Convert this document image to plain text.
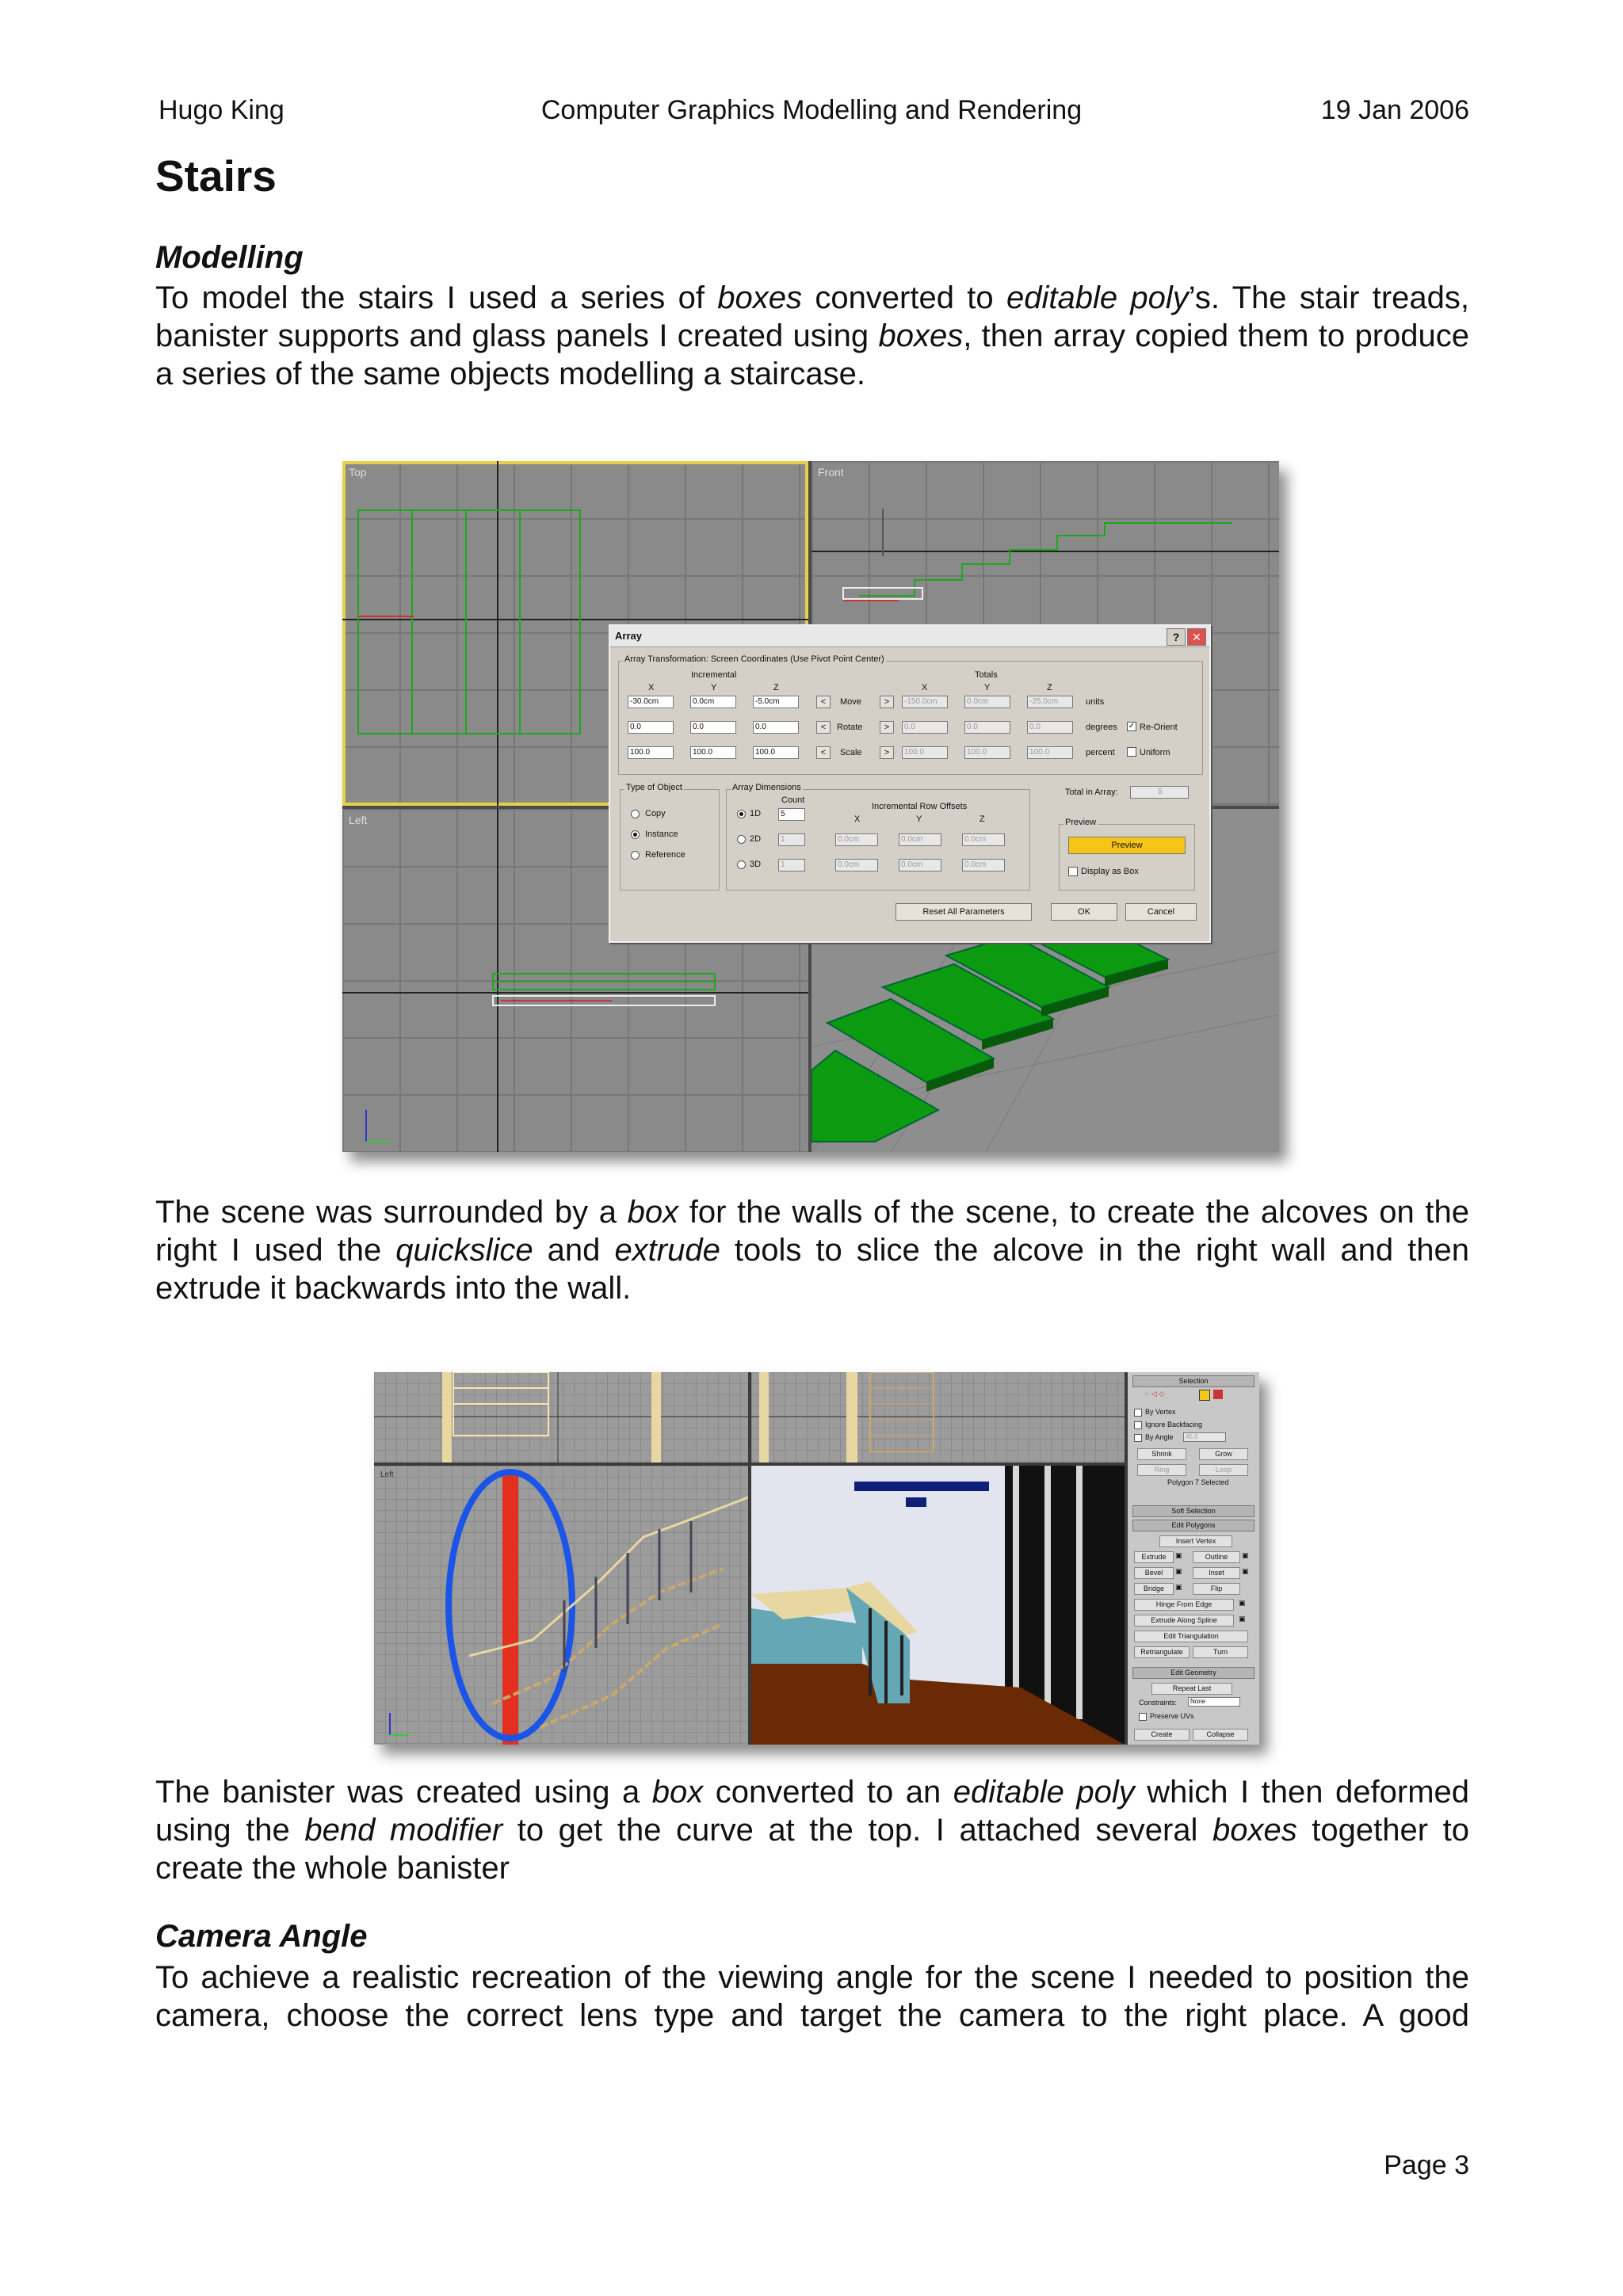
Hugo King	Computer Graphics Modelling and Rendering	19 Jan 2006
Stairs

Modelling

To model the stairs I used a series of boxes converted to editable poly’s. The stair treads, banister supports and glass panels I created using boxes, then array copied them to produce a series of the same objects modelling a staircase.

Top	Front
Left
Array	?	✕
Array Transformation: Screen Coordinates (Use Pivot Point Center)
Incremental	Totals
X	Y	Z	X	Y	Z
-30.0cm	0.0cm	-5.0cm	<	Move	>	-150.0cm	0.0cm	-25.0cm	units
0.0	0.0	0.0	<	Rotate	>	0.0	0.0	0.0	degrees ✓ Re-Orient
100.0	100.0	100.0	<	Scale	>	100.0	100.0	100.0	percent	Uniform
Type of Object
Copy
Instance
Reference
Array Dimensions
Count
Incremental Row Offsets
X	Y	Z
1D	5
2D	1	0.0cm	0.0cm	0.0cm
3D	1	0.0cm	0.0cm	0.0cm
Total in Array:	5
Preview
Preview
Display as Box
Reset All Parameters	OK	Cancel

The scene was surrounded by a box for the walls of the scene, to create the alcoves on the right I used the quickslice and extrude tools to slice the alcove in the right wall and then extrude it backwards into the wall.

Left
Selection
⁘ ◁ ◇
By Vertex
Ignore Backfacing
By Angle	45.0
Shrink	Grow
Ring	Loop
Polygon 7 Selected
Soft Selection
Edit Polygons
Insert Vertex
Extrude	▣	Outline	▣
Bevel	▣	Inset	▣
Bridge	▣	Flip
Hinge From Edge	▣
Extrude Along Spline	▣
Edit Triangulation
Retriangulate	Turn
Edit Geometry
Repeat Last
Constraints:	None
Preserve UVs
Create	Collapse

The banister was created using a box converted to an editable poly which I then deformed using the bend modifier to get the curve at the top. I attached several boxes together to create the whole banister

Camera Angle

To achieve a realistic recreation of the viewing angle for the scene I needed to position the camera, choose the correct lens type and target the camera to the right place. A good

Page 3
